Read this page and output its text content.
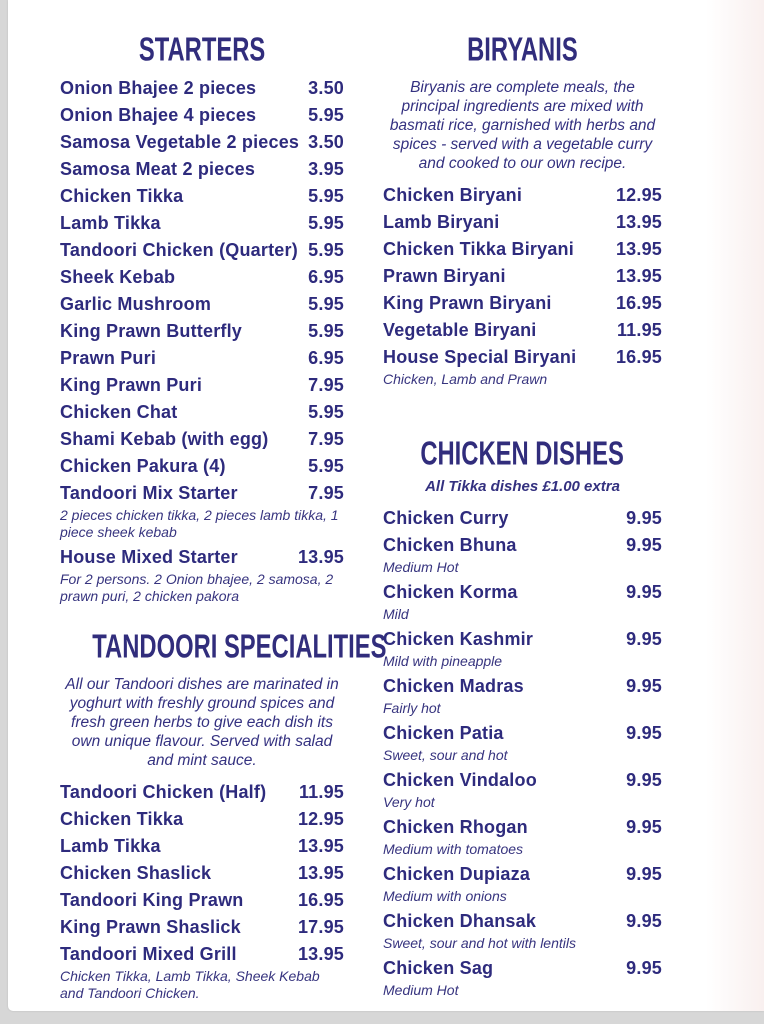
STARTERS
Onion Bhajee 2 pieces	3.50
Onion Bhajee 4 pieces	5.95
Samosa Vegetable 2 pieces 3.50
Samosa Meat 2 pieces	3.95
Chicken Tikka	5.95
Lamb Tikka	5.95
Tandoori Chicken (Quarter) 5.95
Sheek Kebab	6.95
Garlic Mushroom	5.95
King Prawn Butterfly	5.95
Prawn Puri	6.95
King Prawn Puri	7.95
Chicken Chat	5.95
Shami Kebab (with egg) 7.95
Chicken Pakura (4)	5.95
Tandoori Mix Starter	7.95
2 pieces chicken tikka, 2 pieces lamb tikka, 1 piece sheek kebab
House Mixed Starter	13.95
For 2 persons. 2 Onion bhajee, 2 samosa, 2 prawn puri, 2 chicken pakora
TANDOORI SPECIALITIES

All our Tandoori dishes are marinated in yoghurt with freshly ground spices and fresh green herbs to give each dish its own unique flavour. Served with salad and mint sauce.

Tandoori Chicken (Half) 11.95
Chicken Tikka	12.95
Lamb Tikka	13.95
Chicken Shaslick	13.95
Tandoori King Prawn	16.95
King Prawn Shaslick	17.95
Tandoori Mixed Grill	13.95
Chicken Tikka, Lamb Tikka, Sheek Kebab and Tandoori Chicken.
BIRYANIS

Biryanis are complete meals, the principal ingredients are mixed with basmati rice, garnished with herbs and spices - served with a vegetable curry and cooked to our own recipe.

Chicken Biryani	12.95
Lamb Biryani	13.95
Chicken Tikka Biryani 13.95
Prawn Biryani	13.95
King Prawn Biryani	16.95
Vegetable Biryani	11.95
House Special Biryani 16.95
Chicken, Lamb and Prawn
CHICKEN DISHES

All Tikka dishes £1.00 extra

Chicken Curry	9.95
Chicken Bhuna	9.95
Medium Hot
Chicken Korma	9.95
Mild
Chicken Kashmir	9.95
Mild with pineapple
Chicken Madras	9.95
Fairly hot
Chicken Patia	9.95
Sweet, sour and hot
Chicken Vindaloo	9.95
Very hot
Chicken Rhogan	9.95
Medium with tomatoes
Chicken Dupiaza	9.95
Medium with onions
Chicken Dhansak	9.95
Sweet, sour and hot with lentils
Chicken Sag	9.95
Medium Hot
